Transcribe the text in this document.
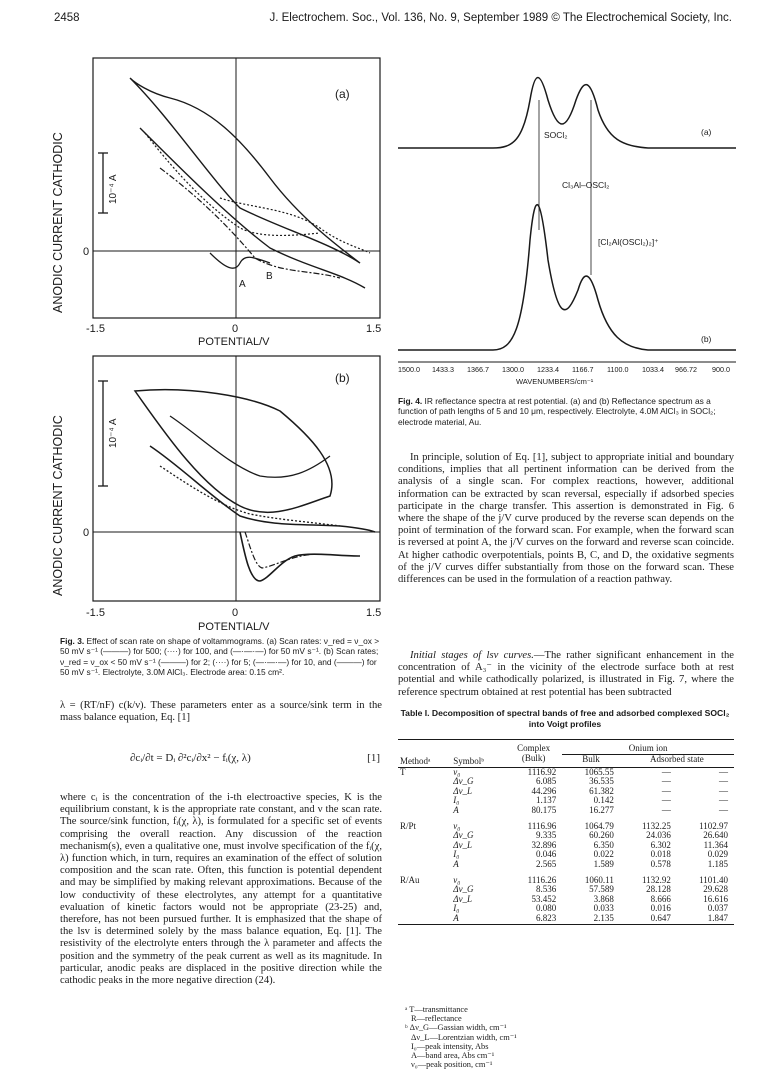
2458	J. Electrochem. Soc., Vol. 136, No. 9, September 1989 © The Electrochemical Society, Inc.
(a)
ANODIC CURRENT CATHODIC	10⁻⁴ A
0
A
B
-1.5	0	1.5
POTENTIAL/V
(b)
ANODIC CURRENT CATHODIC	10⁻⁴ A
0
-1.5	0	1.5
POTENTIAL/V
Fig. 3. Effect of scan rate on shape of voltammograms. (a) Scan rates: ν_red = ν_ox > 50 mV s⁻¹ (———) for 500; (····) for 100, and (—·—·—) for 50 mV s⁻¹. (b) Scan rates; ν_red = ν_ox < 50 mV s⁻¹ (———) for 2; (····) for 5; (—·—·—) for 10, and (———) for 50 mV s⁻¹. Electrolyte, 3.0M AlCl₃. Electrode area: 0.15 cm².

λ = (RT/nF) c(k/ν). These parameters enter as a source/sink term in the mass balance equation, Eq. [1]

∂cᵢ/∂t = Dᵢ ∂²cᵢ/∂x² − fᵢ(χ, λ)	[1]

where cᵢ is the concentration of the i-th electroactive species, K is the equilibrium constant, k is the appropriate rate constant, and ν the scan rate. The source/sink function, fᵢ(χ, λ), is formulated for a specific set of events comprising the overall reaction. Any discussion of the reaction mechanism(s), even a qualitative one, must involve specification of the fᵢ(χ, λ) function which, in turn, requires an examination of the effect of solution composition and the scan rate. Often, this function is potential dependent and may be simplified by making relevant approximations. Because of the low conductivity of these electrolytes, any attempt for a quantitative evaluation of kinetic factors would not be appropriate (23-25) and, therefore, has not been pursued further. It is emphasized that the shape of the lsv is determined solely by the mass balance equation, Eq. [1]. The resistivity of the electrolyte enters through the λ parameter and affects the position and the symmetry of the peak current as well as its magnitude. In particular, anodic peaks are displaced in the positive direction while the cathodic peaks in the more negative direction (24).

(a)
SOCl₂
Cl₃Al–OSCl₂
[Cl₂Al(OSCl₂)₂]⁺
(b)
1500.0 1433.3 1366.7 1300.0 1233.4 1166.7 1100.0 1033.4 966.72 900.0
WAVENUMBERS/cm⁻¹
Fig. 4. IR reflectance spectra at rest potential. (a) and (b) Reflectance spectrum as a function of path lengths of 5 and 10 μm, respectively. Electrolyte, 4.0M AlCl₃ in SOCl₂; electrode material, Au.

In principle, solution of Eq. [1], subject to appropriate initial and boundary conditions, implies that all pertinent information can be derived from the analysis of a single scan. For complex reactions, however, additional information can be extracted by scan reversal, especially if adsorbed species participate in the charge transfer. This assertion is demonstrated in Fig. 6 where the shape of the j/V curve produced by the reverse scan depends on the point of termination of the forward scan. For example, when the forward scan is reversed at point A, the j/V curves on the forward and reverse scan coincide. At higher cathodic overpotentials, points B, C, and D, the oxidative segments of the j/V curves differ substantially from those on the forward scan. These differences can be used in the formulation of a reaction pathway.

Initial stages of lsv curves.—The rather significant enhancement in the concentration of A₃⁻ in the vicinity of the electrode surface both at rest potential and while cathodically polarized, is illustrated in Fig. 7, where the reference spectrum obtained at rest potential has been subtracted

Table I. Decomposition of spectral bands of free and adsorbed complexed SOCl₂ into Voigt profiles
Methodᵃ	Symbolᵇ	Complex	Onium ion		
		(Bulk)	Bulk	Adsorbed state	
T	ν₀	1116.92	1065.55	—	—
	Δν_G	6.085	36.535	—	—
	Δν_L	44.296	61.382	—	—
	I₀	1.137	0.142	—	—
	A	80.175	16.277	—	—
R/Pt	ν₀	1116.96	1064.79	1132.25	1102.97
	Δν_G	9.335	60.260	24.036	26.640
	Δν_L	32.896	6.350	6.302	11.364
	I₀	0.046	0.022	0.018	0.029
	A	2.565	1.589	0.578	1.185
R/Au	ν₀	1116.26	1060.11	1132.92	1101.40
	Δν_G	8.536	57.589	28.128	29.628
	Δν_L	53.452	3.868	8.666	16.616
	I₀	0.080	0.033	0.016	0.037
	A	6.823	2.135	0.647	1.847
ᵃ T—transmittance
R—reflectance
ᵇ Δν_G—Gassian width, cm⁻¹
Δν_L—Lorentzian width, cm⁻¹
I₀—peak intensity, Abs
A—band area, Abs cm⁻¹
ν₀—peak position, cm⁻¹
